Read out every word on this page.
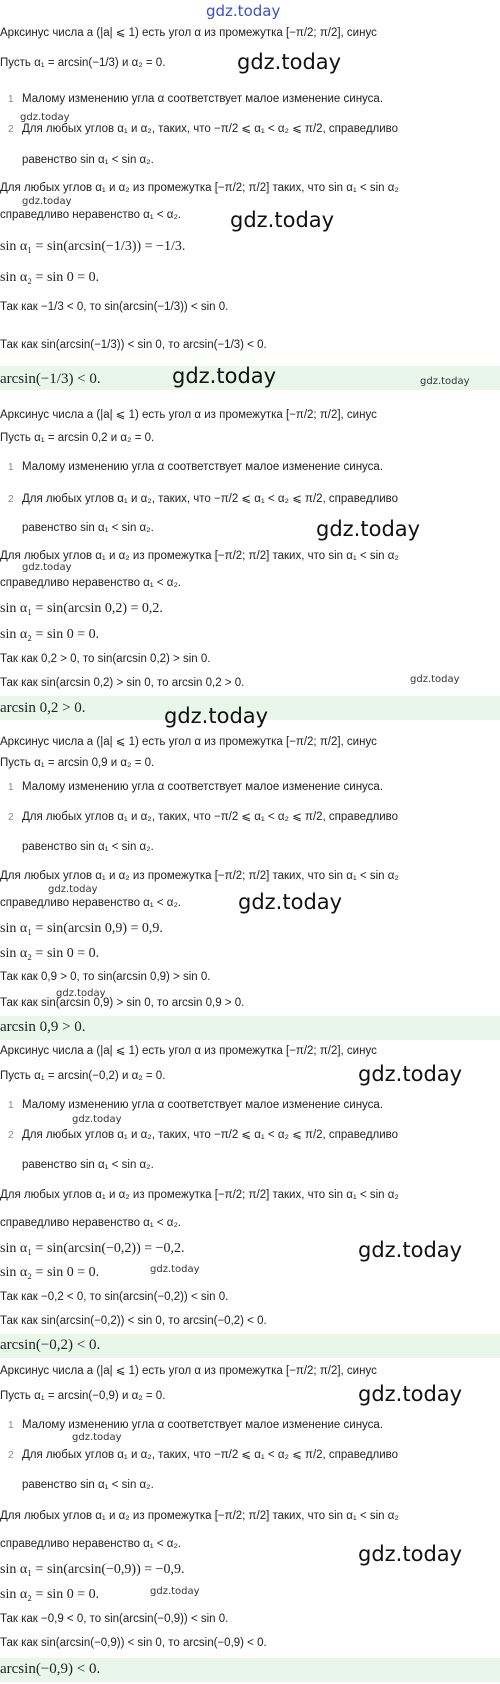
gdz.today
Арксинус числа a (|a| ⩽ 1) есть угол α из промежутка [−π/2; π/2], синус
Пусть α₁ = arcsin(−1/3) и α₂ = 0.
1 Малому изменению угла α соответствует малое изменение синуса.
2 Для любых углов α₁ и α₂, таких, что −π/2 ⩽ α₁ < α₂ ⩽ π/2, справедливо
равенство sin α₁ < sin α₂.
Для любых углов α₁ и α₂ из промежутка [−π/2; π/2] таких, что sin α₁ < sin α₂
справедливо неравенство α₁ < α₂.
sin α₁ = sin(arcsin(−1/3)) = −1/3.
sin α₂ = sin 0 = 0.
Так как −1/3 < 0, то sin(arcsin(−1/3)) < sin 0.
Так как sin(arcsin(−1/3)) < sin 0, то arcsin(−1/3) < 0.
arcsin(−1/3) < 0.
gdz.today
gdz.today
gdz.today
gdz.today
gdz.today	gdz.today
Арксинус числа a (|a| ⩽ 1) есть угол α из промежутка [−π/2; π/2], синус
Пусть α₁ = arcsin 0,2 и α₂ = 0.
1 Малому изменению угла α соответствует малое изменение синуса.
2 Для любых углов α₁ и α₂, таких, что −π/2 ⩽ α₁ < α₂ ⩽ π/2, справедливо
равенство sin α₁ < sin α₂.
Для любых углов α₁ и α₂ из промежутка [−π/2; π/2] таких, что sin α₁ < sin α₂
справедливо неравенство α₁ < α₂.
sin α₁ = sin(arcsin 0,2) = 0,2.
sin α₂ = sin 0 = 0.
Так как 0,2 > 0, то sin(arcsin 0,2) > sin 0.
Так как sin(arcsin 0,2) > sin 0, то arcsin 0,2 > 0.
arcsin 0,2 > 0.
gdz.today
gdz.today
gdz.today
gdz.today
Арксинус числа a (|a| ⩽ 1) есть угол α из промежутка [−π/2; π/2], синус
Пусть α₁ = arcsin 0,9 и α₂ = 0.
1 Малому изменению угла α соответствует малое изменение синуса.
2 Для любых углов α₁ и α₂, таких, что −π/2 ⩽ α₁ < α₂ ⩽ π/2, справедливо
равенство sin α₁ < sin α₂.
Для любых углов α₁ и α₂ из промежутка [−π/2; π/2] таких, что sin α₁ < sin α₂
справедливо неравенство α₁ < α₂.
sin α₁ = sin(arcsin 0,9) = 0,9.
sin α₂ = sin 0 = 0.
Так как 0,9 > 0, то sin(arcsin 0,9) > sin 0.
Так как sin(arcsin 0,9) > sin 0, то arcsin 0,9 > 0.
arcsin 0,9 > 0.
gdz.today
gdz.today
gdz.today
Арксинус числа a (|a| ⩽ 1) есть угол α из промежутка [−π/2; π/2], синус
Пусть α₁ = arcsin(−0,2) и α₂ = 0.
1 Малому изменению угла α соответствует малое изменение синуса.
2 Для любых углов α₁ и α₂, таких, что −π/2 ⩽ α₁ < α₂ ⩽ π/2, справедливо
равенство sin α₁ < sin α₂.
Для любых углов α₁ и α₂ из промежутка [−π/2; π/2] таких, что sin α₁ < sin α₂
справедливо неравенство α₁ < α₂.
sin α₁ = sin(arcsin(−0,2)) = −0,2.
sin α₂ = sin 0 = 0.
Так как −0,2 < 0, то sin(arcsin(−0,2)) < sin 0.
Так как sin(arcsin(−0,2)) < sin 0, то arcsin(−0,2) < 0.
arcsin(−0,2) < 0.
gdz.today
gdz.today
gdz.today
gdz.today
Арксинус числа a (|a| ⩽ 1) есть угол α из промежутка [−π/2; π/2], синус
Пусть α₁ = arcsin(−0,9) и α₂ = 0.
1 Малому изменению угла α соответствует малое изменение синуса.
2 Для любых углов α₁ и α₂, таких, что −π/2 ⩽ α₁ < α₂ ⩽ π/2, справедливо
равенство sin α₁ < sin α₂.
Для любых углов α₁ и α₂ из промежутка [−π/2; π/2] таких, что sin α₁ < sin α₂
справедливо неравенство α₁ < α₂.
sin α₁ = sin(arcsin(−0,9)) = −0,9.
sin α₂ = sin 0 = 0.
Так как −0,9 < 0, то sin(arcsin(−0,9)) < sin 0.
Так как sin(arcsin(−0,9)) < sin 0, то arcsin(−0,9) < 0.
arcsin(−0,9) < 0.
gdz.today
gdz.today
gdz.today
gdz.today
